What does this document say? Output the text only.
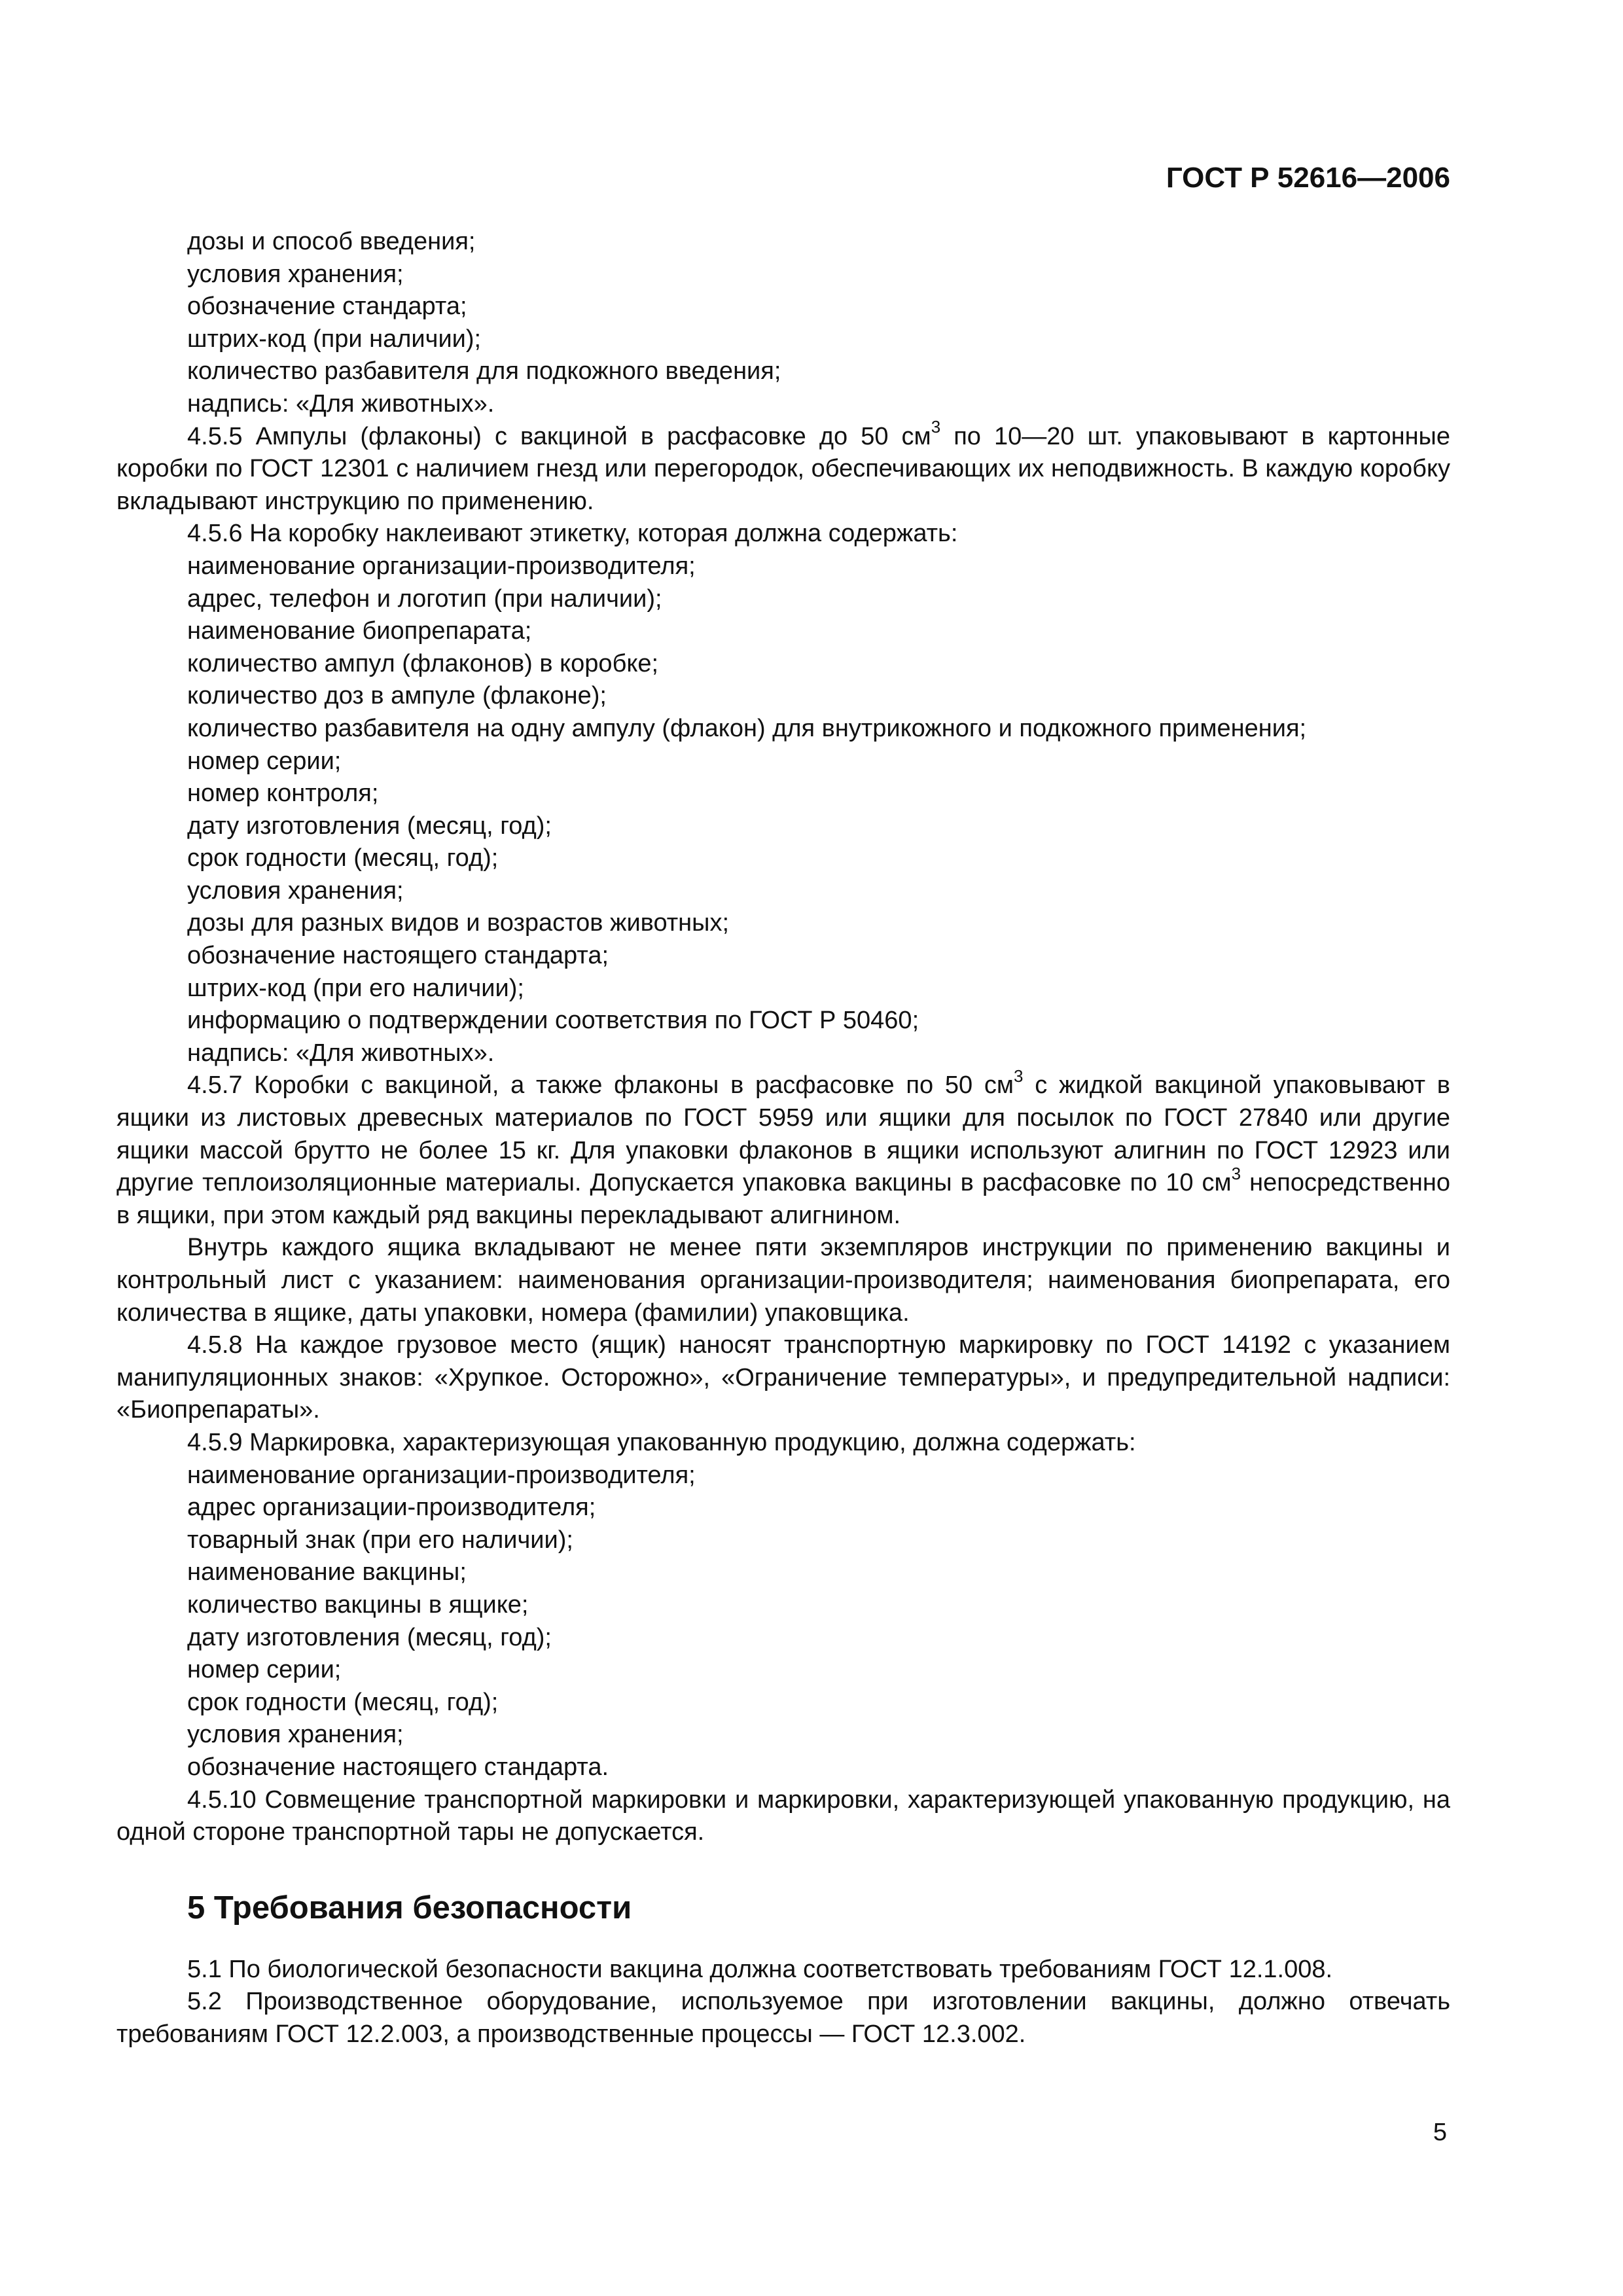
ГОСТ Р 52616—2006

дозы и способ введения;

условия хранения;

обозначение стандарта;

штрих-код (при наличии);

количество разбавителя для подкожного введения;

надпись: «Для животных».

4.5.5 Ампулы (флаконы) с вакциной в расфасовке до 50 $см^3$ по 10—20 шт. упаковывают в картонные коробки по ГОСТ 12301 с наличием гнезд или перегородок, обеспечивающих их неподвижность. В каждую коробку вкладывают инструкцию по применению.

4.5.6 На коробку наклеивают этикетку, которая должна содержать:

наименование организации-производителя;

адрес, телефон и логотип (при наличии);

наименование биопрепарата;

количество ампул (флаконов) в коробке;

количество доз в ампуле (флаконе);

количество разбавителя на одну ампулу (флакон) для внутрикожного и подкожного применения;

номер серии;

номер контроля;

дату изготовления (месяц, год);

срок годности (месяц, год);

условия хранения;

дозы для разных видов и возрастов животных;

обозначение настоящего стандарта;

штрих-код (при его наличии);

информацию о подтверждении соответствия по ГОСТ Р 50460;

надпись: «Для животных».

4.5.7 Коробки с вакциной, а также флаконы в расфасовке по 50 $см^3$ с жидкой вакциной упаковывают в ящики из листовых древесных материалов по ГОСТ 5959 или ящики для посылок по ГОСТ 27840 или другие ящики массой брутто не более 15 кг. Для упаковки флаконов в ящики используют алигнин по ГОСТ 12923 или другие теплоизоляционные материалы. Допускается упаковка вакцины в расфасовке по 10 $см^3$ непосредственно в ящики, при этом каждый ряд вакцины перекладывают алигнином.

Внутрь каждого ящика вкладывают не менее пяти экземпляров инструкции по применению вакцины и контрольный лист с указанием: наименования организации-производителя; наименования биопрепарата, его количества в ящике, даты упаковки, номера (фамилии) упаковщика.

4.5.8 На каждое грузовое место (ящик) наносят транспортную маркировку по ГОСТ 14192 с указанием манипуляционных знаков: «Хрупкое. Осторожно», «Ограничение температуры», и предупредительной надписи: «Биопрепараты».

4.5.9 Маркировка, характеризующая упакованную продукцию, должна содержать:

наименование организации-производителя;

адрес организации-производителя;

товарный знак (при его наличии);

наименование вакцины;

количество вакцины в ящике;

дату изготовления (месяц, год);

номер серии;

срок годности (месяц, год);

условия хранения;

обозначение настоящего стандарта.

4.5.10 Совмещение транспортной маркировки и маркировки, характеризующей упакованную продукцию, на одной стороне транспортной тары не допускается.

5 Требования безопасности

5.1 По биологической безопасности вакцина должна соответствовать требованиям ГОСТ 12.1.008.

5.2 Производственное оборудование, используемое при изготовлении вакцины, должно отвечать требованиям ГОСТ 12.2.003, а производственные процессы — ГОСТ 12.3.002.

5
